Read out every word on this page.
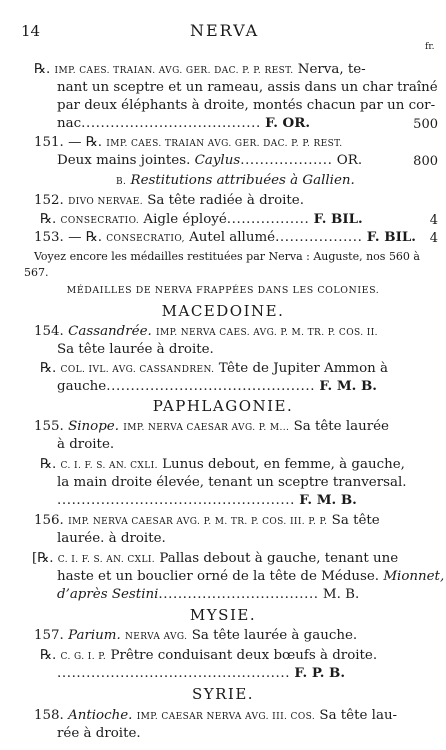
14	NERVA
fr.
℞. IMP. CAES. TRAIAN. AVG. GER. DAC. P. P. REST. Nerva, te-
nant un sceptre et un rameau, assis dans un char traîné
par deux éléphants à droite, montés chacun par un cor-
nac..................................... F. OR.	500
151. — ℞. IMP. CAES. TRAIAN AVG. GER. DAC. P. P. REST.
Deux mains jointes. Caylus................... OR.	800
B. Restitutions attribuées à Gallien.
152. DIVO NERVAE. Sa tête radiée à droite.
℞. CONSECRATIO. Aigle éployé................. F. BIL.	4
153. — ℞. CONSECRATIO, Autel allumé.................. F. BIL.	4
Voyez encore les médailles restituées par Nerva : Auguste, nos 560 à
567.
MÉDAILLES DE NERVA FRAPPÉES DANS LES COLONIES.
MACEDOINE.
154. Cassandrée. IMP. NERVA CAES. AVG. P. M. TR. P. COS. II.
Sa tête laurée à droite.
℞. COL. IVL. AVG. CASSANDREN. Tête de Jupiter Ammon à
gauche........................................... F. M. B.
PAPHLAGONIE.
155. Sinope. IMP. NERVA CAESAR AVG. P. M... Sa tête laurée
à droite.
℞. C. I. F. S. AN. CXLI. Lunus debout, en femme, à gauche,
la main droite élevée, tenant un sceptre tranversal.
................................................. F. M. B.
156. IMP. NERVA CAESAR AVG. P. M. TR. P. COS. III. P. P. Sa tête
laurée. à droite.
[℞. C. I. F. S. AN. CXLI. Pallas debout à gauche, tenant une
haste et un bouclier orné de la tête de Méduse. Mionnet,
d’après Sestini................................. M. B.
MYSIE.
157. Parium. NERVA AVG. Sa tête laurée à gauche.
℞. C. G. I. P. Prêtre conduisant deux bœufs à droite.
................................................ F. P. B.
SYRIE.
158. Antioche. IMP. CAESAR NERVA AVG. III. COS. Sa tête lau-
rée à droite.
